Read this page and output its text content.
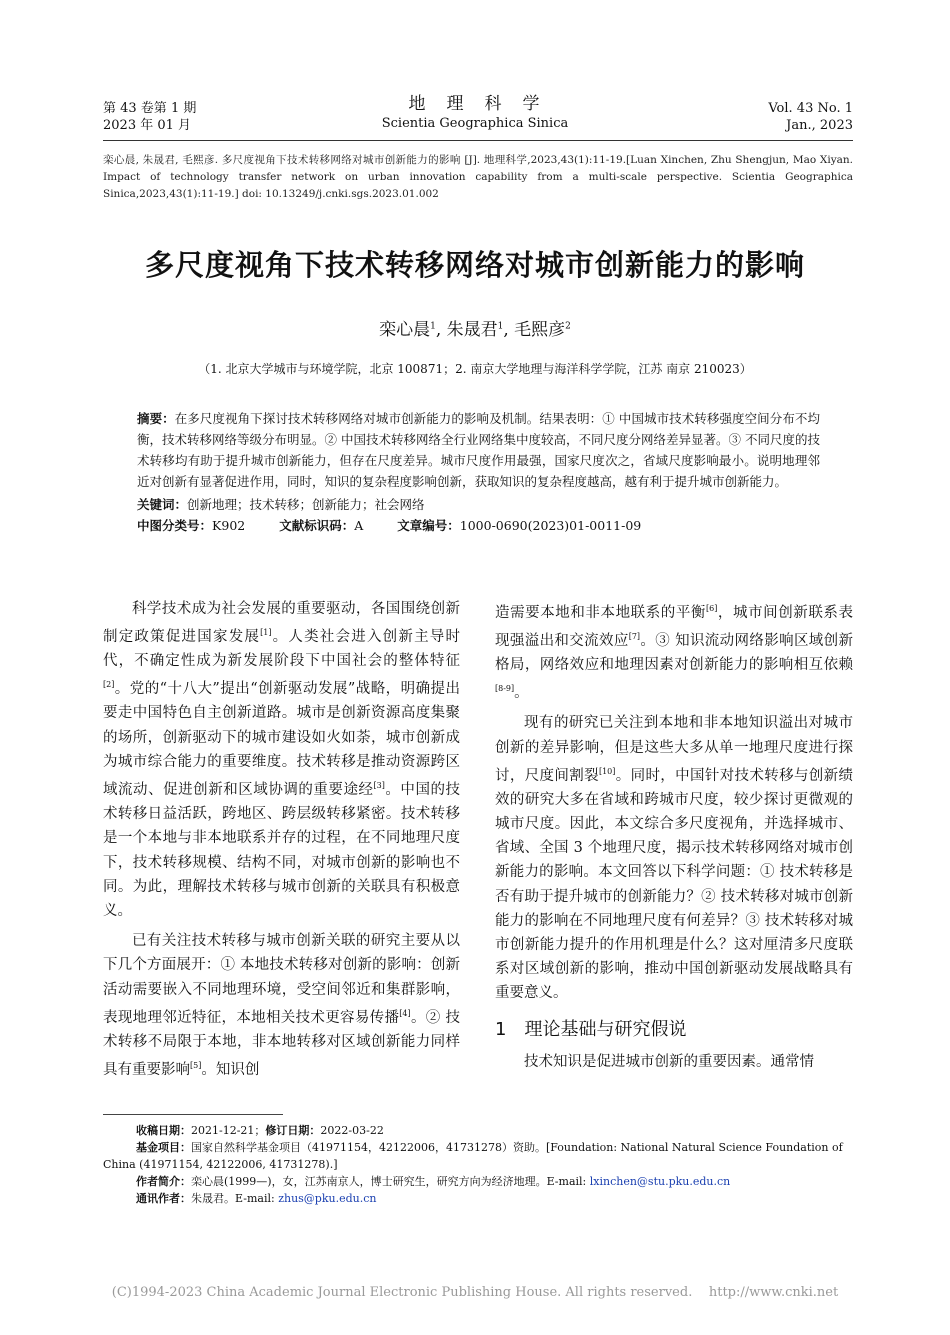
第 43 卷第 1 期
2023 年 01 月
地　理　科　学
Scientia Geographica Sinica
Vol. 43 No. 1
Jan., 2023
栾心晨, 朱晟君, 毛熙彦. 多尺度视角下技术转移网络对城市创新能力的影响 [J]. 地理科学,2023,43(1):11-19.[Luan Xinchen, Zhu Shengjun, Mao Xiyan. Impact of technology transfer network on urban innovation capability from a multi-scale perspective. Scientia Geographica Sinica,2023,43(1):11-19.] doi: 10.13249/j.cnki.sgs.2023.01.002
多尺度视角下技术转移网络对城市创新能力的影响
栾心晨$^1$, 朱晟君$^1$, 毛熙彦$^2$
（1. 北京大学城市与环境学院，北京 100871；2. 南京大学地理与海洋科学学院，江苏 南京 210023）
摘要：在多尺度视角下探讨技术转移网络对城市创新能力的影响及机制。结果表明：① 中国城市技术转移强度空间分布不均衡，技术转移网络等级分布明显。② 中国技术转移网络全行业网络集中度较高，不同尺度分网络差异显著。③ 不同尺度的技术转移均有助于提升城市创新能力，但存在尺度差异。城市尺度作用最强，国家尺度次之，省域尺度影响最小。说明地理邻近对创新有显著促进作用，同时，知识的复杂程度影响创新，获取知识的复杂程度越高，越有利于提升城市创新能力。
关键词：创新地理；技术转移；创新能力；社会网络
中图分类号：K902	文献标识码：A	文章编号：1000-0690(2023)01-0011-09

科学技术成为社会发展的重要驱动，各国围绕创新制定政策促进国家发展[1]。人类社会进入创新主导时代，不确定性成为新发展阶段下中国社会的整体特征[2]。党的“十八大”提出“创新驱动发展”战略，明确提出要走中国特色自主创新道路。城市是创新资源高度集聚的场所，创新驱动下的城市建设如火如荼，城市创新成为城市综合能力的重要维度。技术转移是推动资源跨区域流动、促进创新和区域协调的重要途经[3]。中国的技术转移日益活跃，跨地区、跨层级转移紧密。技术转移是一个本地与非本地联系并存的过程，在不同地理尺度下，技术转移规模、结构不同，对城市创新的影响也不同。为此，理解技术转移与城市创新的关联具有积极意义。

已有关注技术转移与城市创新关联的研究主要从以下几个方面展开：① 本地技术转移对创新的影响：创新活动需要嵌入不同地理环境，受空间邻近和集群影响，表现地理邻近特征，本地相关技术更容易传播[4]。② 技术转移不局限于本地，非本地转移对区域创新能力同样具有重要影响[5]。知识创

造需要本地和非本地联系的平衡[6]，城市间创新联系表现强溢出和交流效应[7]。③ 知识流动网络影响区域创新格局，网络效应和地理因素对创新能力的影响相互依赖[8-9]。

现有的研究已关注到本地和非本地知识溢出对城市创新的差异影响，但是这些大多从单一地理尺度进行探讨，尺度间割裂[10]。同时，中国针对技术转移与创新绩效的研究大多在省域和跨城市尺度，较少探讨更微观的城市尺度。因此，本文综合多尺度视角，并选择城市、省域、全国 3 个地理尺度，揭示技术转移网络对城市创新能力的影响。本文回答以下科学问题：① 技术转移是否有助于提升城市的创新能力？② 技术转移对城市创新能力的影响在不同地理尺度有何差异？③ 技术转移对城市创新能力提升的作用机理是什么？这对厘清多尺度联系对区域创新的影响，推动中国创新驱动发展战略具有重要意义。

1 理论基础与研究假说

技术知识是促进城市创新的重要因素。通常情

收稿日期：2021-12-21；修订日期：2022-03-22
基金项目：国家自然科学基金项目（41971154，42122006，41731278）资助。[Foundation: National Natural Science Foundation of China (41971154, 42122006, 41731278).]
作者简介：栾心晨(1999—)，女，江苏南京人，博士研究生，研究方向为经济地理。E-mail: lxinchen@stu.pku.edu.cn
通讯作者：朱晟君。E-mail: zhus@pku.edu.cn
(C)1994-2023 China Academic Journal Electronic Publishing House. All rights reserved.    http://www.cnki.net
